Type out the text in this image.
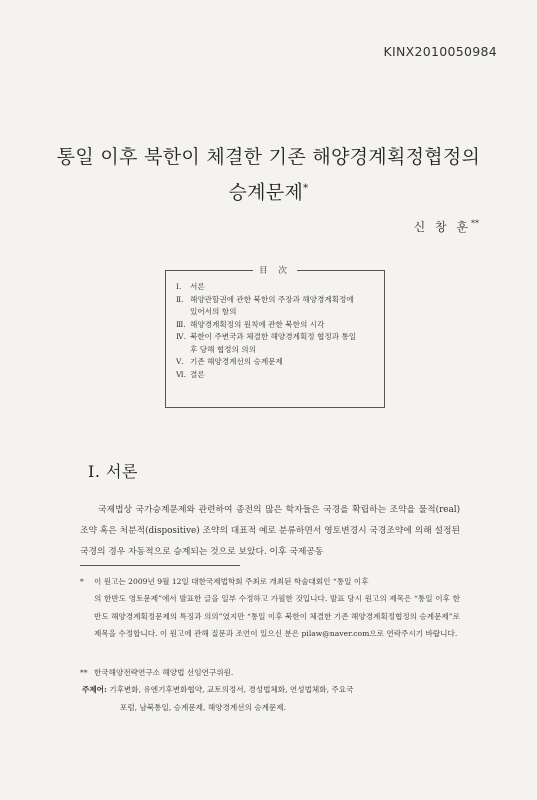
KINX2010050984
통일 이후 북한이 체결한 기존 해양경계획정협정의
승계문제*
신 창 훈**
目 次
Ⅰ.	서론
Ⅱ. 해양관할권에 관한 북한의 주장과 해양경계획정에
있어서의 함의
Ⅲ. 해양경계획정의 원칙에 관한 북한의 시각
Ⅳ. 북한이 주변국과 체결한 해양경계획정 협정과 통일
후 당해 협정의 의의
Ⅴ. 기존 해양경계선의 승계문제
Ⅵ. 결론
Ⅰ. 서론
국제법상 국가승계문제와 관련하여 종전의 많은 학자들은 국경을 확립하는 조약을 물적(real) 조약 혹은 처분적(dispositive) 조약의 대표적 예로 분류하면서 영토변경시 국경조약에 의해 설정된 국경의 경우 자동적으로 승계되는 것으로 보았다. 이후 국제공동
* 이 원고는 2009년 9월 12일 대한국제법학회 주최로 개최된 학술대회인 “통일 이후
의 한반도 영토문제”에서 발표한 글을 일부 수정하고 가필한 것입니다. 발표 당시 원고의 제목은 “통일 이후 한반도 해양경계획정문제의 특징과 의의”였지만 “통일 이후 북한이 체결한 기존 해양경계획정협정의 승계문제”로 제목을 수정합니다. 이 원고에 관해 질문과 조언이 있으신 분은 pilaw@naver.com으로 연락주시기 바랍니다.
** 한국해양전략연구소 해양법 선임연구위원.
주제어: 기후변화, 유엔기후변화협약, 교토의정서, 경성법체화, 연성법체화, 주요국
포럼, 남북통일, 승계문제, 해양경계선의 승계문제.
